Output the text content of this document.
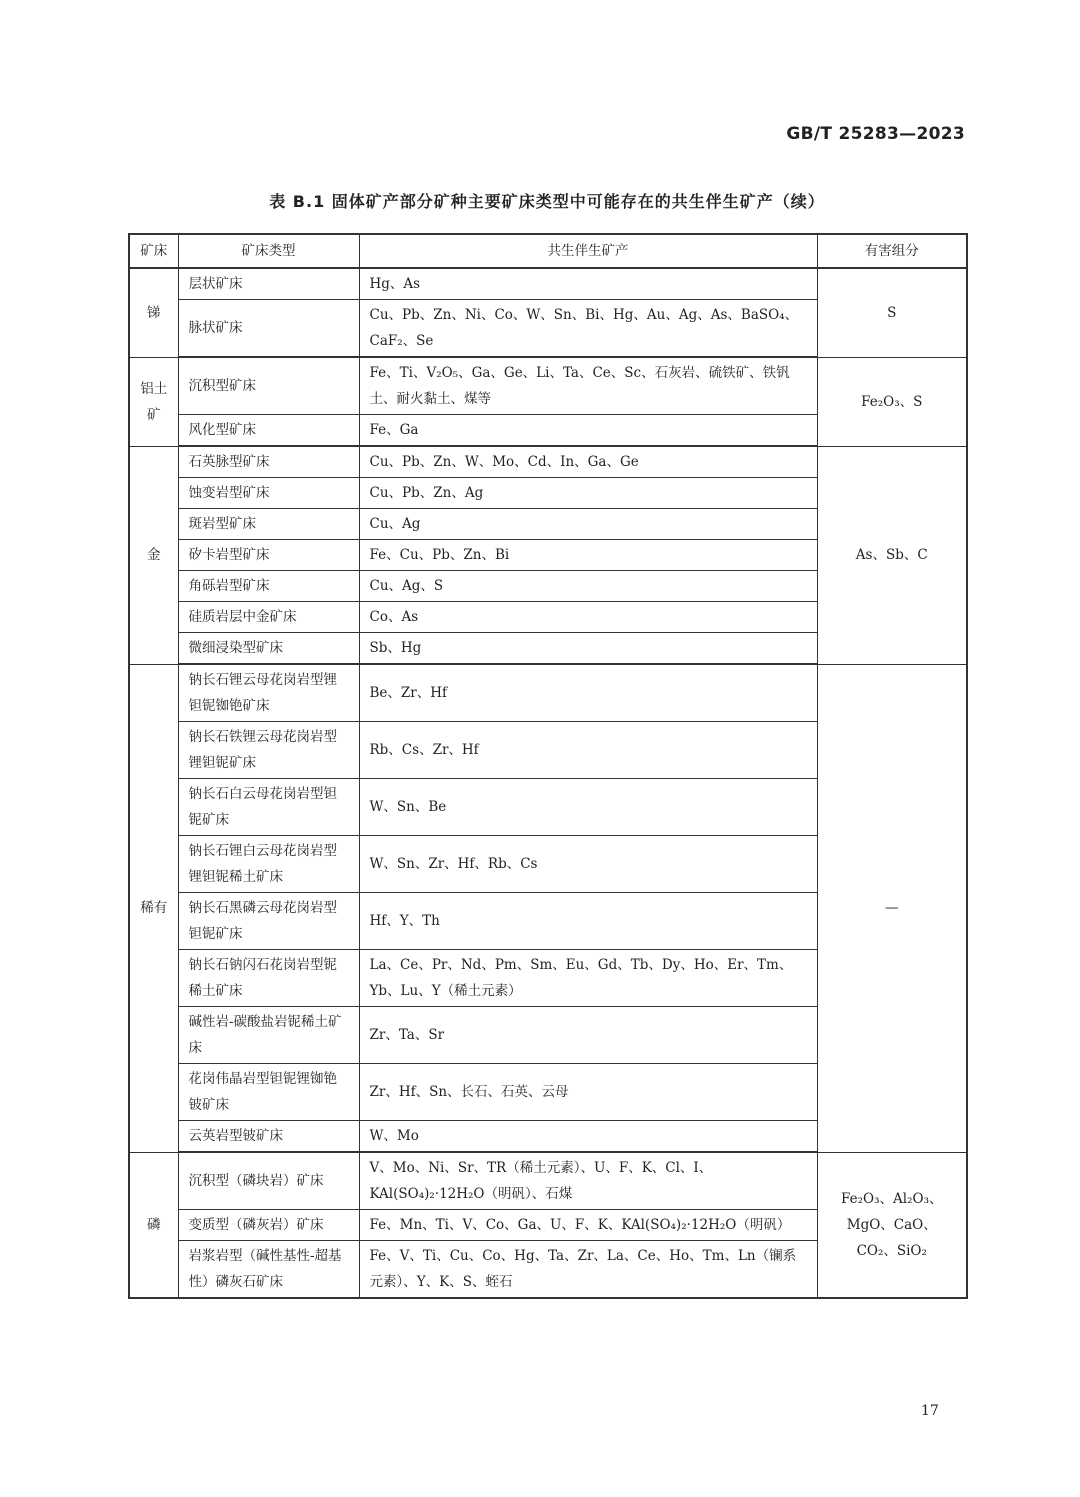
GB/T 25283—2023
表 B.1 固体矿产部分矿种主要矿床类型中可能存在的共生伴生矿产（续）
矿床	矿床类型	共生伴生矿产	有害组分
锑	层状矿床	Hg、As	S
	脉状矿床	Cu、Pb、Zn、Ni、Co、W、Sn、Bi、Hg、Au、Ag、As、BaSO₄、CaF₂、Se	
铝土矿	沉积型矿床	Fe、Ti、V₂O₅、Ga、Ge、Li、Ta、Ce、Sc、石灰岩、硫铁矿、铁钒土、耐火黏土、煤等	Fe₂O₃、S
	风化型矿床	Fe、Ga	
金	石英脉型矿床	Cu、Pb、Zn、W、Mo、Cd、In、Ga、Ge	As、Sb、C
	蚀变岩型矿床	Cu、Pb、Zn、Ag	
	斑岩型矿床	Cu、Ag	
	矽卡岩型矿床	Fe、Cu、Pb、Zn、Bi	
	角砾岩型矿床	Cu、Ag、S	
	硅质岩层中金矿床	Co、As	
	微细浸染型矿床	Sb、Hg	
稀有	钠长石锂云母花岗岩型锂钽铌铷铯矿床	Be、Zr、Hf	—
	钠长石铁锂云母花岗岩型锂钽铌矿床	Rb、Cs、Zr、Hf	
	钠长石白云母花岗岩型钽铌矿床	W、Sn、Be	
	钠长石锂白云母花岗岩型锂钽铌稀土矿床	W、Sn、Zr、Hf、Rb、Cs	
	钠长石黑磷云母花岗岩型钽铌矿床	Hf、Y、Th	
	钠长石钠闪石花岗岩型铌稀土矿床	La、Ce、Pr、Nd、Pm、Sm、Eu、Gd、Tb、Dy、Ho、Er、Tm、Yb、Lu、Y（稀土元素）	
	碱性岩-碳酸盐岩铌稀土矿床	Zr、Ta、Sr	
	花岗伟晶岩型钽铌锂铷铯铍矿床	Zr、Hf、Sn、长石、石英、云母	
	云英岩型铍矿床	W、Mo	
磷	沉积型（磷块岩）矿床	V、Mo、Ni、Sr、TR（稀土元素）、U、F、K、Cl、I、KAl(SO₄)₂·12H₂O（明矾）、石煤	Fe₂O₃、Al₂O₃、MgO、CaO、CO₂、SiO₂
	变质型（磷灰岩）矿床	Fe、Mn、Ti、V、Co、Ga、U、F、K、KAl(SO₄)₂·12H₂O（明矾）	
	岩浆岩型（碱性基性-超基性）磷灰石矿床	Fe、V、Ti、Cu、Co、Hg、Ta、Zr、La、Ce、Ho、Tm、Ln（镧系元素）、Y、K、S、蛭石	
17
